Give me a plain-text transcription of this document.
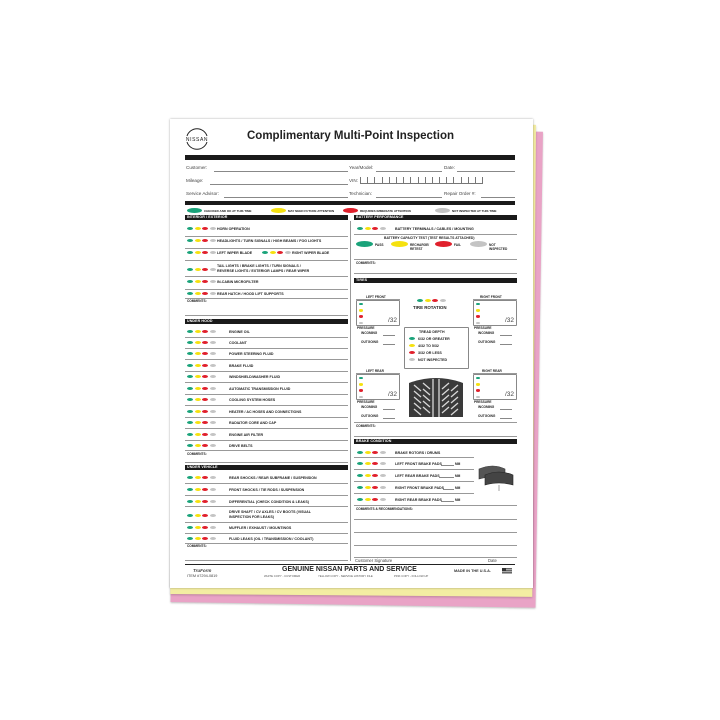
NISSAN	Complimentary Multi-Point Inspection
Customer:	Year/Model:	Date:
Mileage:	VIN:
Service Advisor:	Technician:	Repair Order #:
CHECKED AND OK AT THIS TIME	MAY NEED FUTURE ATTENTION	REQUIRES IMMEDIATE ATTENTION	NOT INSPECTED AT THIS TIME
INTERIOR / EXTERIOR
HORN OPERATION
HEADLIGHTS / TURN SIGNALS / HIGH BEAMS / FOG LIGHTS
LEFT WIPER BLADE	RIGHT WIPER BLADE
TAIL LIGHTS / BRAKE LIGHTS / TURN SIGNALS /
REVERSE LIGHTS / EXTERIOR LAMPS / REAR WIPER
IN-CABIN MICROFILTER
REAR HATCH / HOOD LIFT SUPPORTS
COMMENTS:
UNDER HOOD
ENGINE OIL
COOLANT
POWER STEERING FLUID
BRAKE FLUID
WINDSHIELD/WASHER FLUID
AUTOMATIC TRANSMISSION FLUID
COOLING SYSTEM HOSES
HEATER / AC HOSES AND CONNECTIONS
RADIATOR CORE AND CAP
ENGINE AIR FILTER
DRIVE BELTS
COMMENTS:
UNDER VEHICLE
REAR SHOCKS / REAR SUBFRAME / SUSPENSION
FRONT SHOCKS / TIE RODS / SUSPENSION
DIFFERENTIAL (CHECK CONDITION & LEAKS)
DRIVE SHAFT / CV AXLES / CV BOOTS (VISUAL
INSPECTION FOR LEAKS)
MUFFLER / EXHAUST / MOUNTINGS
FLUID LEAKS (OIL / TRANSMISSION / COOLANT)
COMMENTS:
BATTERY PERFORMANCE
BATTERY TERMINALS / CABLES / MOUNTING
BATTERY CAPACITY TEST (TEST RESULTS ATTACHED)
PASS	RECHARGE/
RETEST
FAIL	NOT
INSPECTED
COMMENTS:
TIRES
LEFT FRONT	RIGHT FRONT
/32	/32
TIRE ROTATION
PRESSURE
INCOMING
OUTGOING
PRESSURE
INCOMING
OUTGOING
TREAD DEPTH
6/32 OR GREATER
4/32 TO 5/32
3/32 OR LESS
NOT INSPECTED
LEFT REAR	RIGHT REAR
/32	/32
PRESSURE
INCOMING
OUTGOING
PRESSURE
INCOMING
OUTGOING
COMMENTS:
BRAKE CONDITION
BRAKE ROTORS / DRUMS
LEFT FRONT BRAKE PADS	MM
LEFT REAR BRAKE PADS	MM
RIGHT FRONT BRAKE PADS	MM
RIGHT REAR BRAKE PADS	MM
COMMENTS & RECOMMENDATIONS:
Customer Signature	Date
TruForm
ITEM #7294-0819
GENUINE NISSAN PARTS AND SERVICE
WHITE COPY - CUSTOMER	YELLOW COPY - SERVICE HISTORY FILE	PINK COPY - FOLLOW-UP
MADE IN THE U.S.A.
